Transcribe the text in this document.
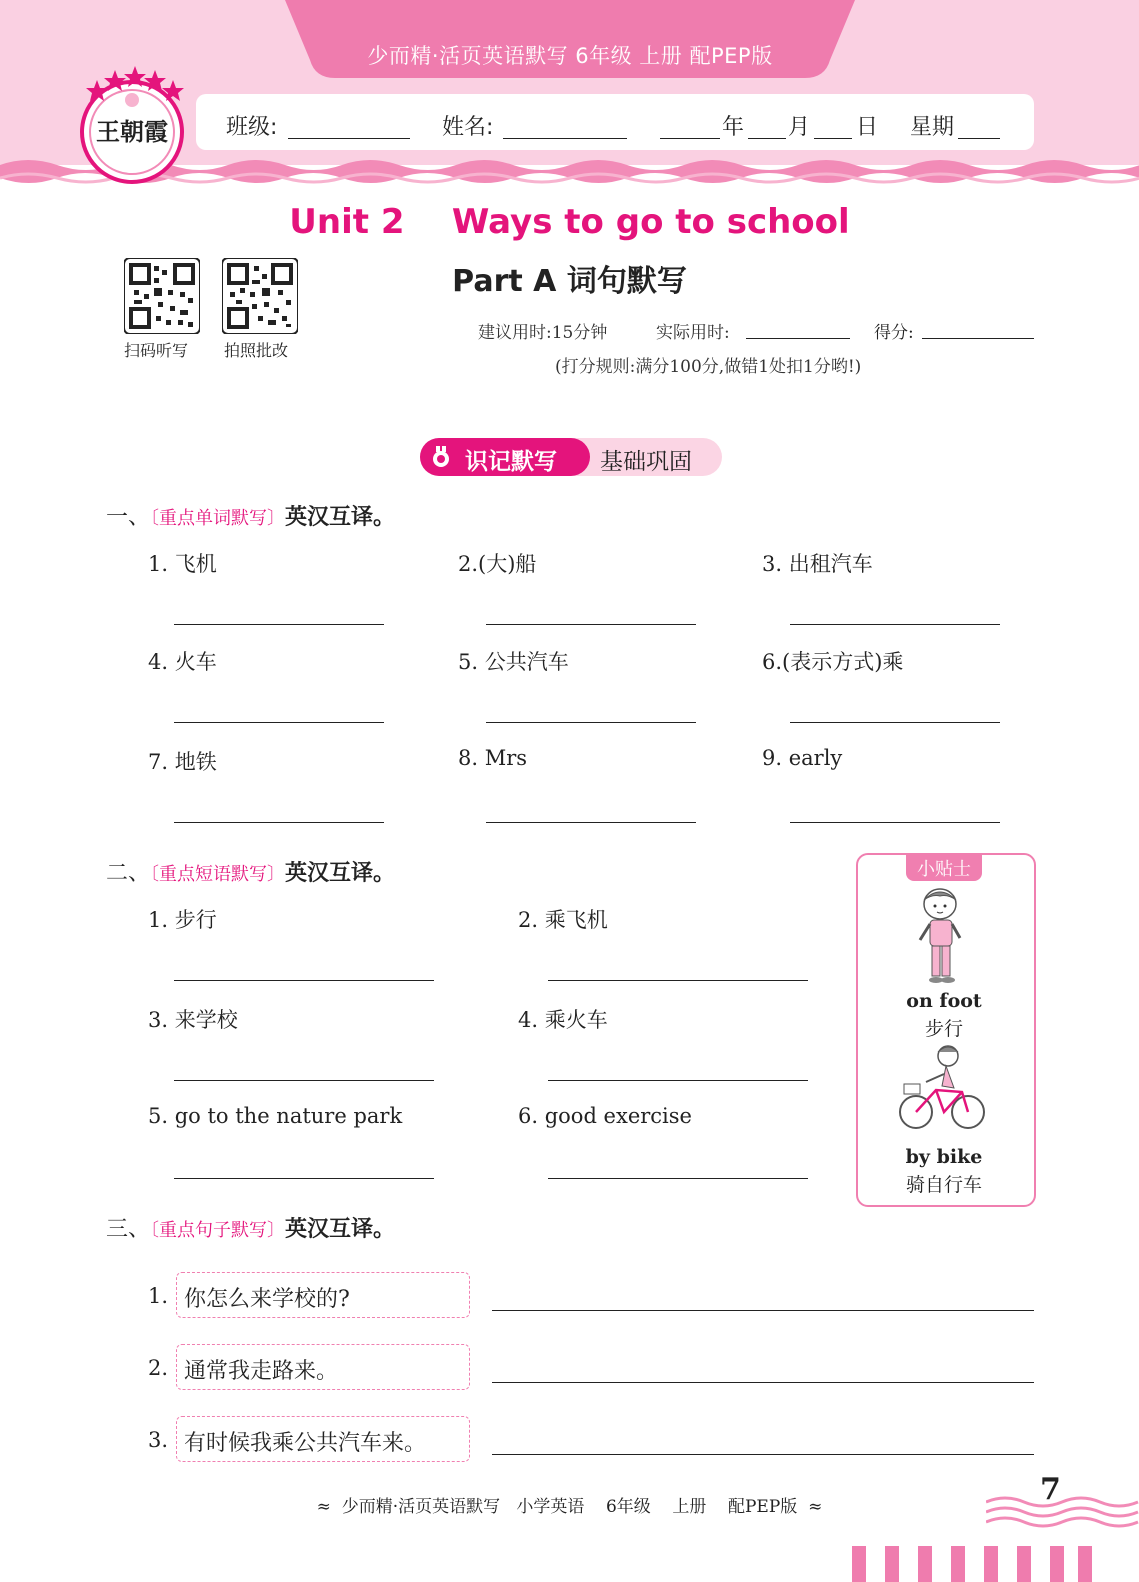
少而精·活页英语默写 6年级 上册 配PEP版
班级:	姓名:	年 月 日 星期
王朝霞
Unit 2    Ways to go to school
Part A 词句默写
扫码听写 拍照批改
建议用时:15分钟	实际用时:	得分:
(打分规则:满分100分,做错1处扣1分哟!)
识记默写 基础巩固
一、〔重点单词默写〕英汉互译。
1. 飞机	2.(大)船	3. 出租汽车
4. 火车	5. 公共汽车	6.(表示方式)乘
7. 地铁	8. Mrs	9. early
二、〔重点短语默写〕英汉互译。
1. 步行	2. 乘飞机
3. 来学校	4. 乘火车
5. go to the nature park	6. good exercise
小贴士
on foot
步行
by bike
骑自行车
三、〔重点句子默写〕英汉互译。
1. 你怎么来学校的?
2. 通常我走路来。
3. 有时候我乘公共汽车来。
≈  少而精·活页英语默写   小学英语    6年级    上册    配PEP版  ≈	7
